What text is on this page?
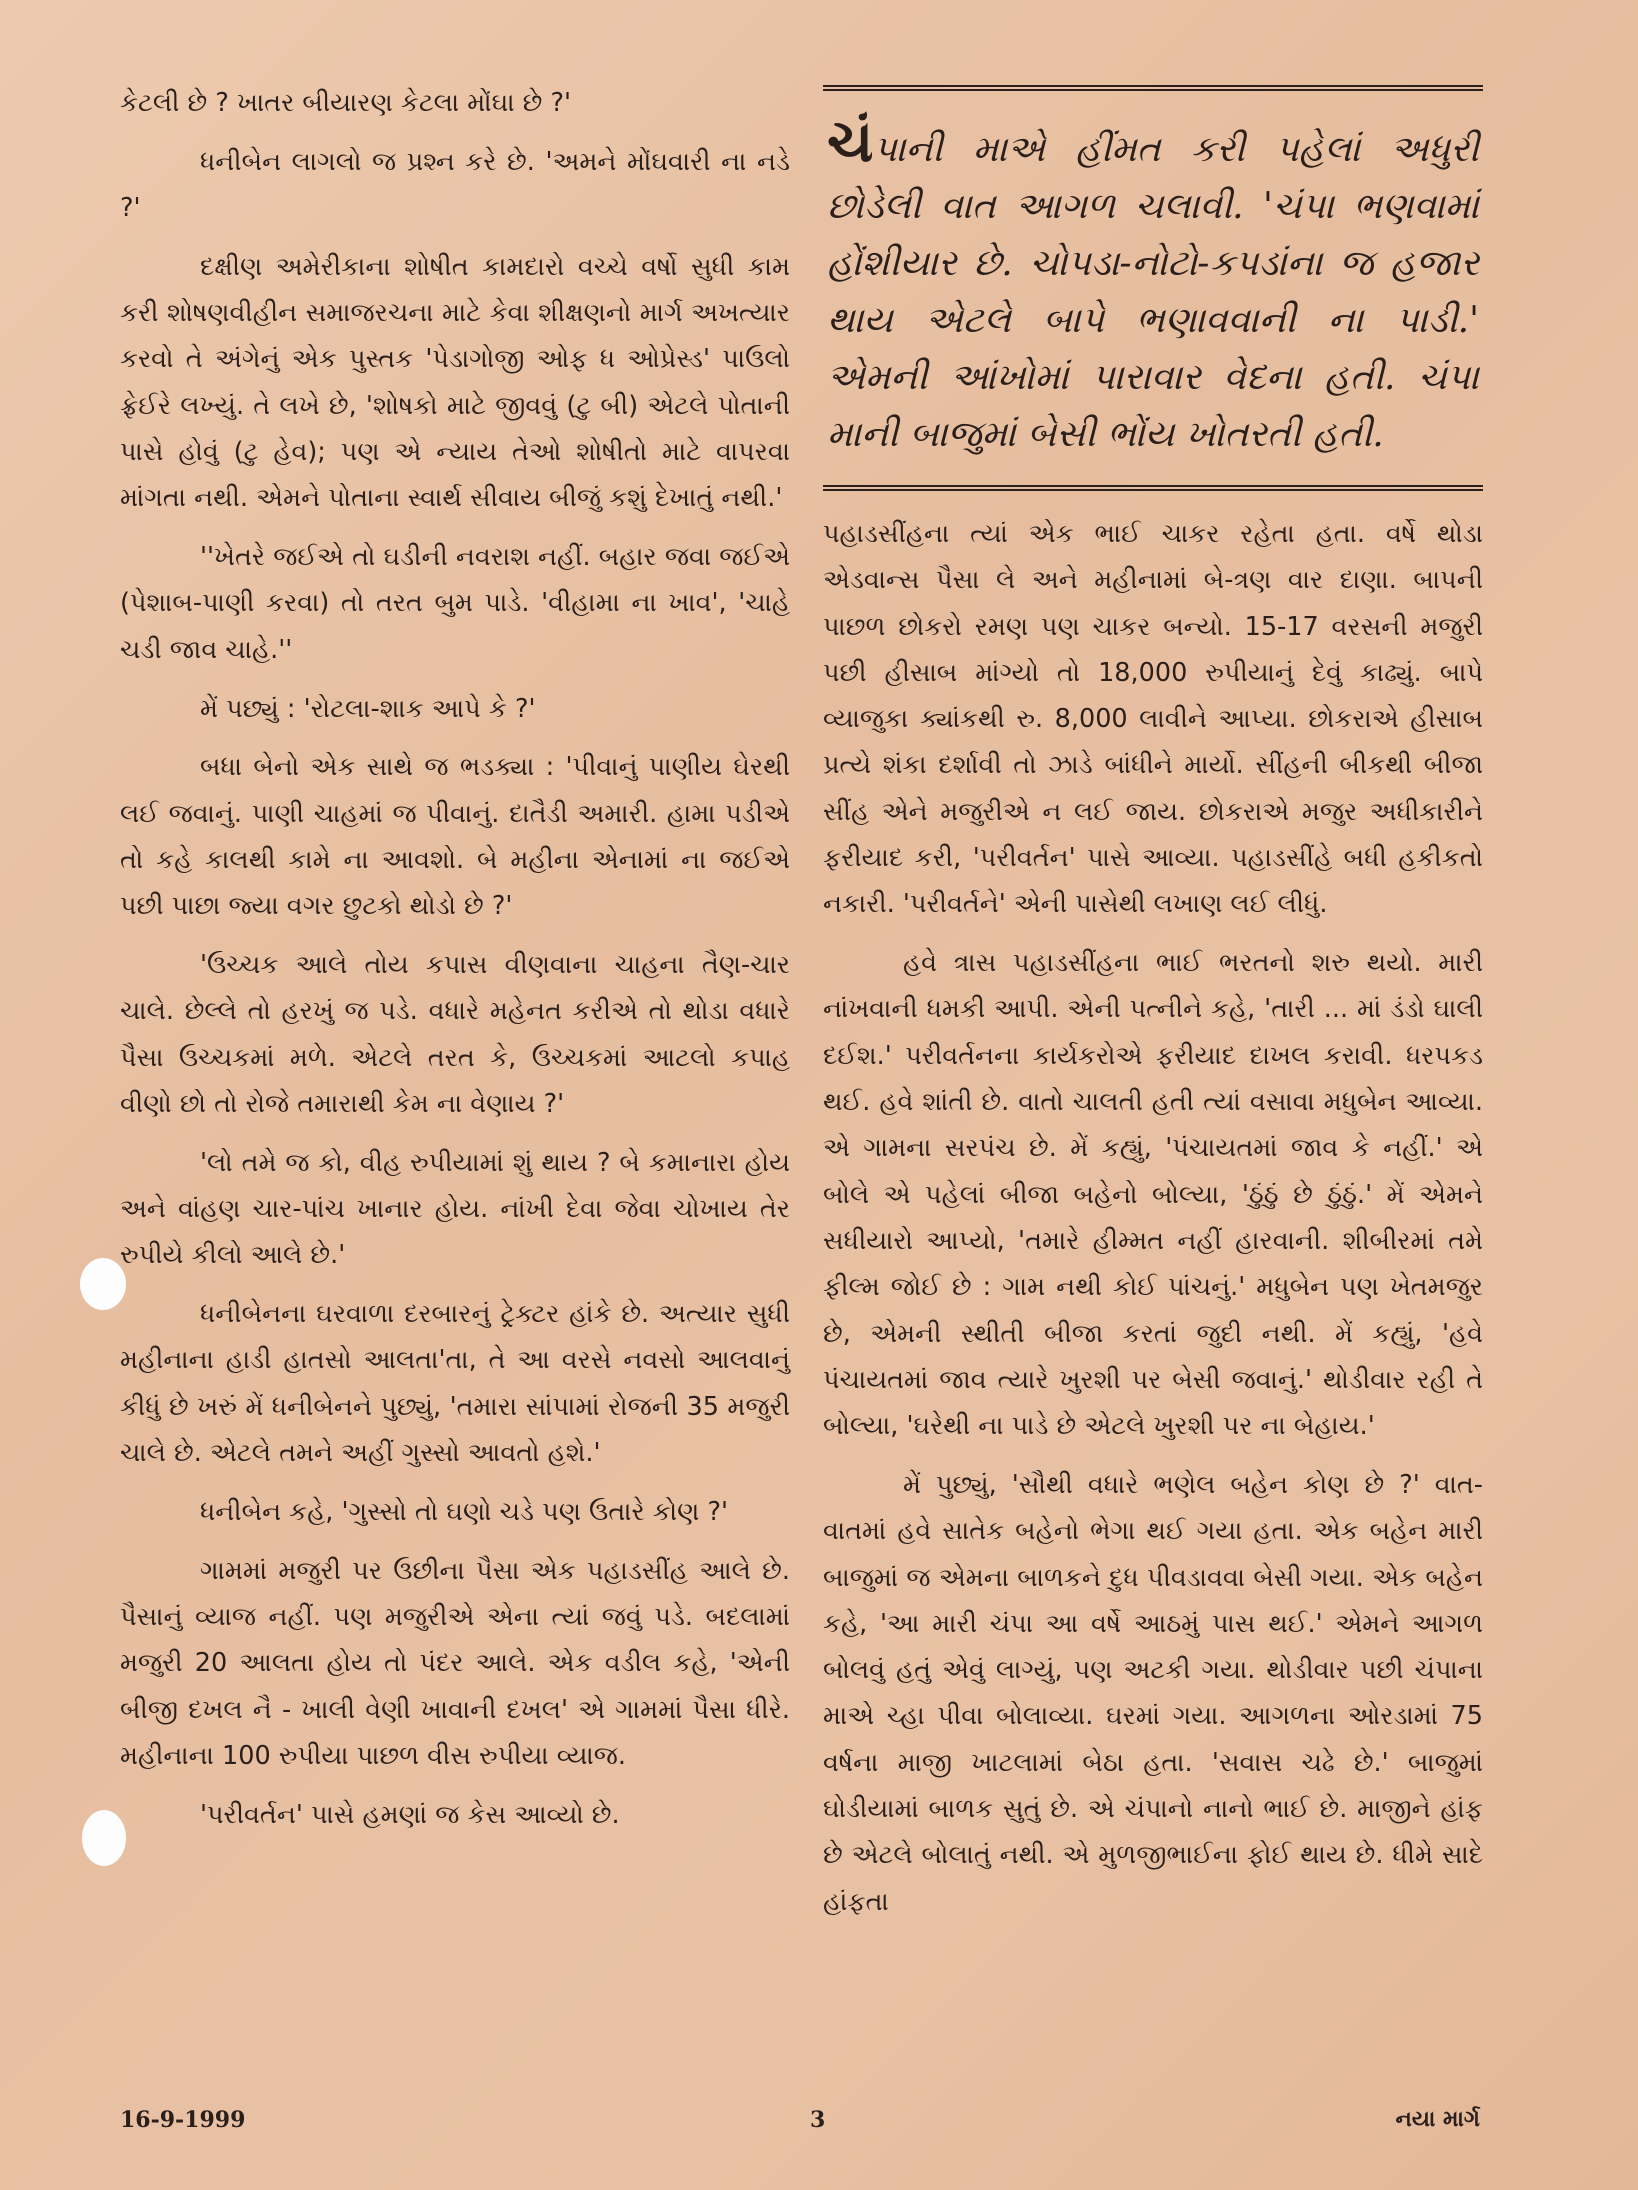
કેટલી છે ? ખાતર બીયારણ કેટલા મોંઘા છે ?'

ધનીબેન લાગલો જ પ્રશ્ન કરે છે. 'અમને મોંઘવારી ના નડે ?'

દક્ષીણ અમેરીકાના શોષીત કામદારો વચ્ચે વર્ષો સુધી કામ કરી શોષણવીહીન સમાજરચના માટે કેવા શીક્ષણનો માર્ગ અખત્યાર કરવો તે અંગેનું એક પુસ્તક 'પેડાગોજી ઓફ ધ ઓપ્રેસ્ડ' પાઉલો ફ્રેઈરે લખ્યું. તે લખે છે, 'શોષકો માટે જીવવું (ટુ બી) એટલે પોતાની પાસે હોવું (ટુ હેવ); પણ એ ન્યાય તેઓ શોષીતો માટે વાપરવા માંગતા નથી. એમને પોતાના સ્વાર્થ સીવાય બીજું કશું દેખાતું નથી.'

''ખેતરે જઈએ તો ઘડીની નવરાશ નહીં. બહાર જવા જઈએ (પેશાબ-પાણી કરવા) તો તરત બુમ પાડે. 'વીહામા ના ખાવ', 'ચાહે ચડી જાવ ચાહે.''

મેં પછ્યું : 'રોટલા-શાક આપે કે ?'

બધા બેનો એક સાથે જ ભડક્યા : 'પીવાનું પાણીય ઘેરથી લઈ જવાનું. પાણી ચાહમાં જ પીવાનું. દાતૈડી અમારી. હામા પડીએ તો કહે કાલથી કામે ના આવશો. બે મહીના એનામાં ના જઈએ પછી પાછા જ્યા વગર છુટકો થોડો છે ?'

'ઉચ્ચક આલે તોય કપાસ વીણવાના ચાહના તૈણ-ચાર ચાલે. છેલ્લે તો હરખું જ પડે. વધારે મહેનત કરીએ તો થોડા વધારે પૈસા ઉચ્ચકમાં મળે. એટલે તરત કે, ઉચ્ચકમાં આટલો કપાહ વીણો છો તો રોજે તમારાથી કેમ ના વેણાય ?'

'લો તમે જ કો, વીહ રુપીયામાં શું થાય ? બે કમાનારા હોય અને વાંહણ ચાર-પાંચ ખાનાર હોય. નાંખી દેવા જેવા ચોખાય તેર રુપીયે કીલો આલે છે.'

ધનીબેનના ઘરવાળા દરબારનું ટ્રેક્ટર હાંકે છે. અત્યાર સુધી મહીનાના હાડી હાતસો આલતા'તા, તે આ વરસે નવસો આલવાનું કીધું છે ખરું મેં ધનીબેનને પુછ્યું, 'તમારા સાંપામાં રોજની 35 મજુરી ચાલે છે. એટલે તમને અહીં ગુસ્સો આવતો હશે.'

ધનીબેન કહે, 'ગુસ્સો તો ઘણો ચડે પણ ઉતારે કોણ ?'

ગામમાં મજુરી પર ઉછીના પૈસા એક પહાડસીંહ આલે છે. પૈસાનું વ્યાજ નહીં. પણ મજુરીએ એના ત્યાં જવું પડે. બદલામાં મજુરી 20 આલતા હોય તો પંદર આલે. એક વડીલ કહે, 'એની બીજી દખલ નૈ - ખાલી વેણી ખાવાની દખલ' એ ગામમાં પૈસા ધીરે. મહીનાના 100 રુપીયા પાછળ વીસ રુપીયા વ્યાજ.

'પરીવર્તન' પાસે હમણાં જ કેસ આવ્યો છે.

ચંપાની માએ હીંમત કરી પહેલાં અધુરી છોડેલી વાત આગળ ચલાવી. 'ચંપા ભણવામાં હોંશીયાર છે. ચોપડા-નોટો-કપડાંના જ હજાર થાય એટલે બાપે ભણાવવાની ના પાડી.' એમની આંખોમાં પારાવાર વેદના હતી. ચંપા માની બાજુમાં બેસી ભોંય ખોતરતી હતી.

પહાડસીંહના ત્યાં એક ભાઈ ચાકર રહેતા હતા. વર્ષે થોડા એડવાન્સ પૈસા લે અને મહીનામાં બે-ત્રણ વાર દાણા. બાપની પાછળ છોકરો રમણ પણ ચાકર બન્યો. 15-17 વરસની મજુરી પછી હીસાબ માંગ્યો તો 18,000 રુપીયાનું દેવું કાઢ્યું. બાપે વ્યાજુકા ક્યાંકથી રુ. 8,000 લાવીને આપ્યા. છોકરાએ હીસાબ પ્રત્યે શંકા દર્શાવી તો ઝાડે બાંધીને માર્યો. સીંહની બીકથી બીજા સીંહ એને મજુરીએ ન લઈ જાય. છોકરાએ મજુર અધીકારીને ફરીયાદ કરી, 'પરીવર્તન' પાસે આવ્યા. પહાડસીંહે બધી હકીકતો નકારી. 'પરીવર્તને' એની પાસેથી લખાણ લઈ લીધું.

હવે ત્રાસ પહાડસીંહના ભાઈ ભરતનો શરુ થયો. મારી નાંખવાની ધમકી આપી. એની પત્નીને કહે, 'તારી ... માં ડંડો ઘાલી દઈશ.' પરીવર્તનના કાર્યકરોએ ફરીયાદ દાખલ કરાવી. ધરપકડ થઈ. હવે શાંતી છે. વાતો ચાલતી હતી ત્યાં વસાવા મધુબેન આવ્યા. એ ગામના સરપંચ છે. મેં કહ્યું, 'પંચાયતમાં જાવ કે નહીં.' એ બોલે એ પહેલાં બીજા બહેનો બોલ્યા, 'ઠુંઠું છે ઠુંઠું.' મેં એમને સધીયારો આપ્યો, 'તમારે હીમ્મત નહીં હારવાની. શીબીરમાં તમે ફીલ્મ જોઈ છે : ગામ નથી કોઈ પાંચનું.' મધુબેન પણ ખેતમજુર છે, એમની સ્થીતી બીજા કરતાં જુદી નથી. મેં કહ્યું, 'હવે પંચાયતમાં જાવ ત્યારે ખુરશી પર બેસી જવાનું.' થોડીવાર રહી તે બોલ્યા, 'ઘરેથી ના પાડે છે એટલે ખુરશી પર ના બેહાય.'

મેં પુછ્યું, 'સૌથી વધારે ભણેલ બહેન કોણ છે ?' વાત-વાતમાં હવે સાતેક બહેનો ભેગા થઈ ગયા હતા. એક બહેન મારી બાજુમાં જ એમના બાળકને દુધ પીવડાવવા બેસી ગયા. એક બહેન કહે, 'આ મારી ચંપા આ વર્ષે આઠમું પાસ થઈ.' એમને આગળ બોલવું હતું એવું લાગ્યું, પણ અટકી ગયા. થોડીવાર પછી ચંપાના માએ ચ્હા પીવા બોલાવ્યા. ઘરમાં ગયા. આગળના ઓરડામાં 75 વર્ષના માજી ખાટલામાં બેઠા હતા. 'સવાસ ચઢે છે.' બાજુમાં ઘોડીયામાં બાળક સુતું છે. એ ચંપાનો નાનો ભાઈ છે. માજીને હાંફ છે એટલે બોલાતું નથી. એ મુળજીભાઈના ફોઈ થાય છે. ધીમે સાદે હાંફતા

16-9-1999	3	નયા માર્ગ
